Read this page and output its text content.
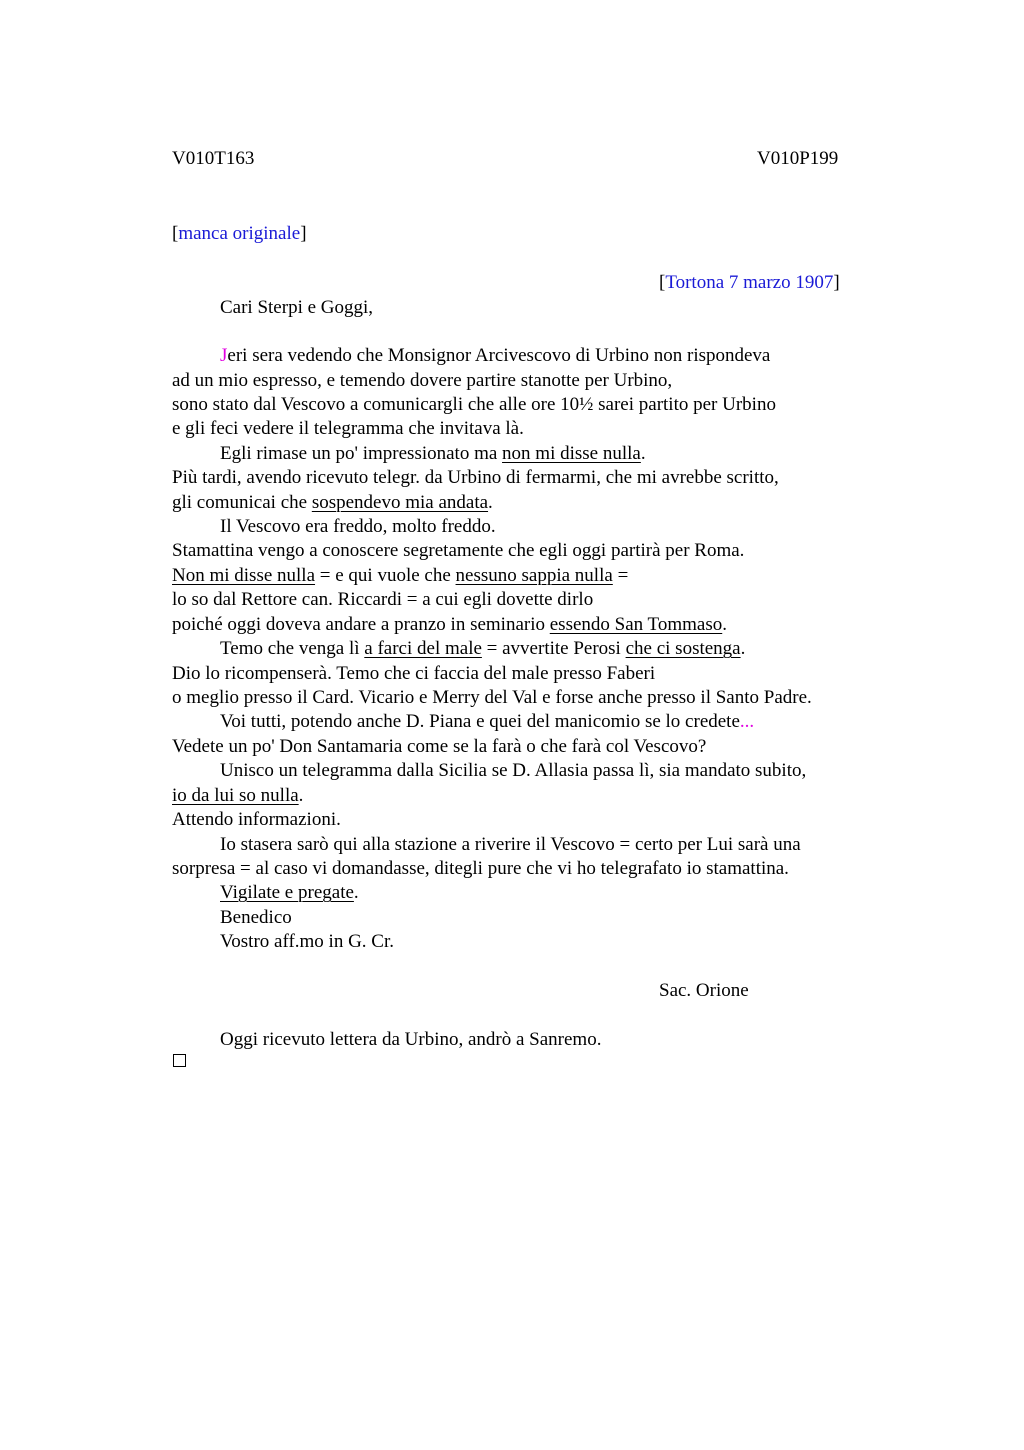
V010T163	V010P199
[manca originale]
[Tortona 7 marzo 1907]
Cari Sterpi e Goggi,
Jeri sera vedendo che Monsignor Arcivescovo di Urbino non rispondeva
ad un mio espresso, e temendo dovere partire stanotte per Urbino,
sono stato dal Vescovo a comunicargli che alle ore 10½ sarei partito per Urbino
e gli feci vedere il telegramma che invitava là.
Egli rimase un po' impressionato ma non mi disse nulla.
Più tardi, avendo ricevuto telegr. da Urbino di fermarmi, che mi avrebbe scritto,
gli comunicai che sospendevo mia andata.
Il Vescovo era freddo, molto freddo.
Stamattina vengo a conoscere segretamente che egli oggi partirà per Roma.
Non mi disse nulla = e qui vuole che nessuno sappia nulla =
lo so dal Rettore can. Riccardi = a cui egli dovette dirlo
poiché oggi doveva andare a pranzo in seminario essendo San Tommaso.
Temo che venga lì a farci del male = avvertite Perosi che ci sostenga.
Dio lo ricompenserà. Temo che ci faccia del male presso Faberi
o meglio presso il Card. Vicario e Merry del Val e forse anche presso il Santo Padre.
Voi tutti, potendo anche D. Piana e quei del manicomio se lo credete...
Vedete un po' Don Santamaria come se la farà o che farà col Vescovo?
Unisco un telegramma dalla Sicilia se D. Allasia passa lì, sia mandato subito,
io da lui so nulla.
Attendo informazioni.
Io stasera sarò qui alla stazione a riverire il Vescovo = certo per Lui sarà una
sorpresa = al caso vi domandasse, ditegli pure che vi ho telegrafato io stamattina.
Vigilate e pregate.
Benedico
Vostro aff.mo in G. Cr.
Sac. Orione
Oggi ricevuto lettera da Urbino, andrò a Sanremo.
